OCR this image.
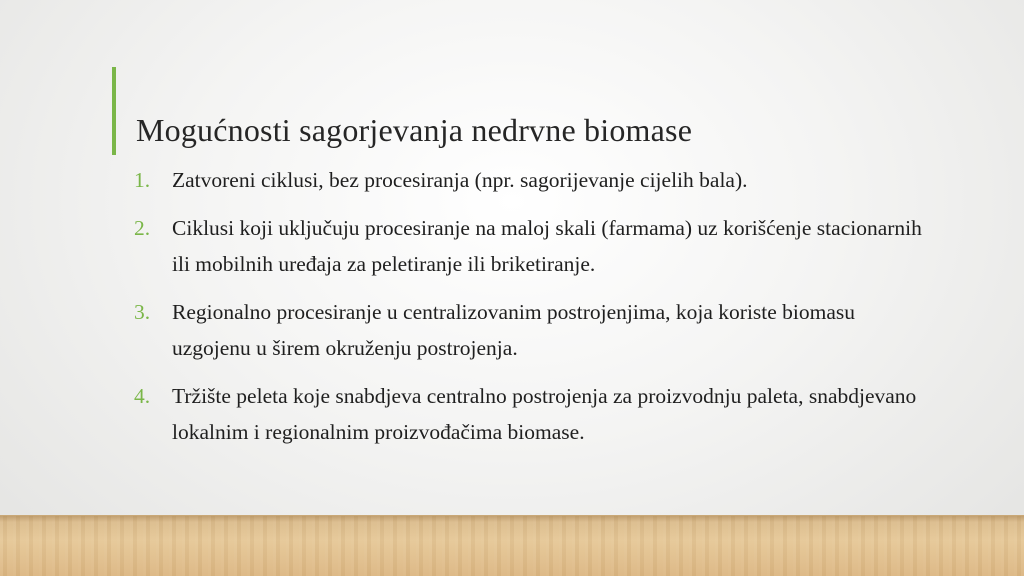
Mogućnosti sagorjevanja nedrvne biomase
1. Zatvoreni ciklusi, bez procesiranja (npr. sagorijevanje cijelih bala).
2. Ciklusi koji uključuju procesiranje na maloj skali (farmama) uz korišćenje stacionarnih ili mobilnih uređaja za peletiranje ili briketiranje.
3. Regionalno procesiranje u centralizovanim postrojenjima, koja koriste biomasu uzgojenu u širem okruženju postrojenja.
4. Tržište peleta koje snabdjeva centralno postrojenja za proizvodnju paleta, snabdjevano lokalnim i regionalnim proizvođačima biomase.
